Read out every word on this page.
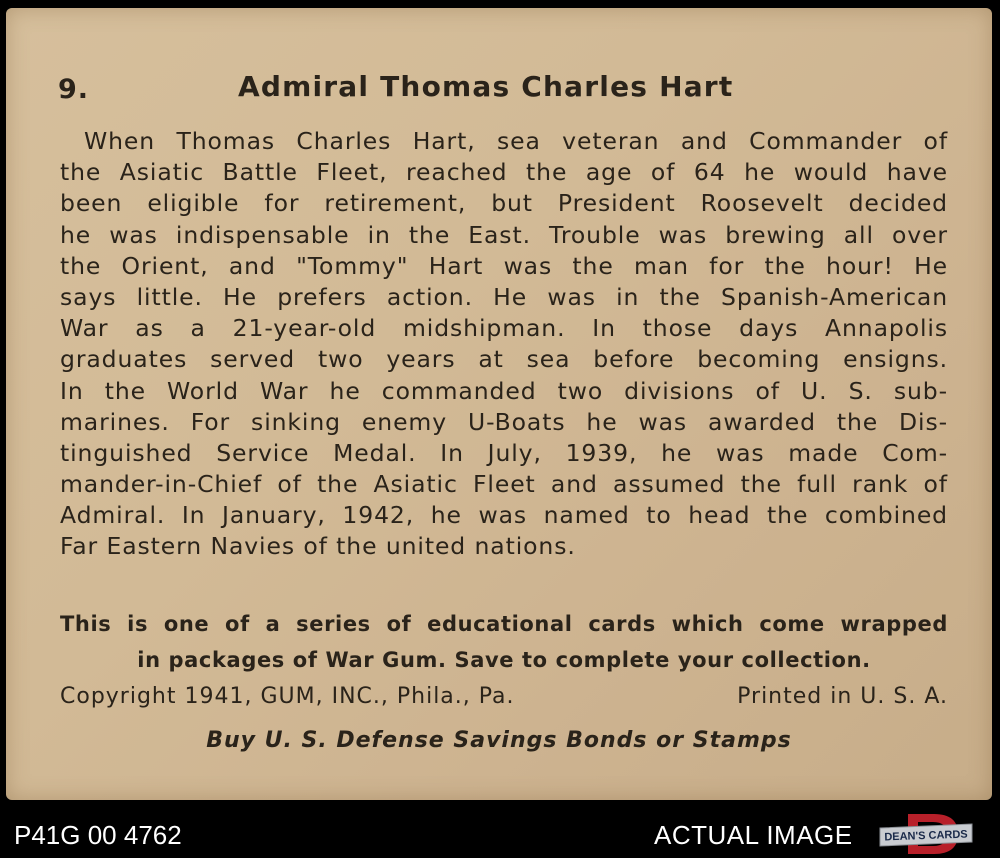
9.	Admiral Thomas Charles Hart
When Thomas Charles Hart, sea veteran and Commander of
the Asiatic Battle Fleet, reached the age of 64 he would have
been eligible for retirement, but President Roosevelt decided
he was indispensable in the East. Trouble was brewing all over
the Orient, and "Tommy" Hart was the man for the hour! He
says little. He prefers action. He was in the Spanish-American
War as a 21-year-old midshipman. In those days Annapolis
graduates served two years at sea before becoming ensigns.
In the World War he commanded two divisions of U. S. sub-
marines. For sinking enemy U-Boats he was awarded the Dis-
tinguished Service Medal. In July, 1939, he was made Com-
mander-in-Chief of the Asiatic Fleet and assumed the full rank of
Admiral. In January, 1942, he was named to head the combined
Far Eastern Navies of the united nations.
This is one of a series of educational cards which come wrapped
in packages of War Gum. Save to complete your collection.
Copyright 1941, GUM, INC., Phila., Pa.	Printed in U. S. A.
Buy U. S. Defense Savings Bonds or Stamps
P41G 00 4762	ACTUAL IMAGE	DEAN'S CARDS
